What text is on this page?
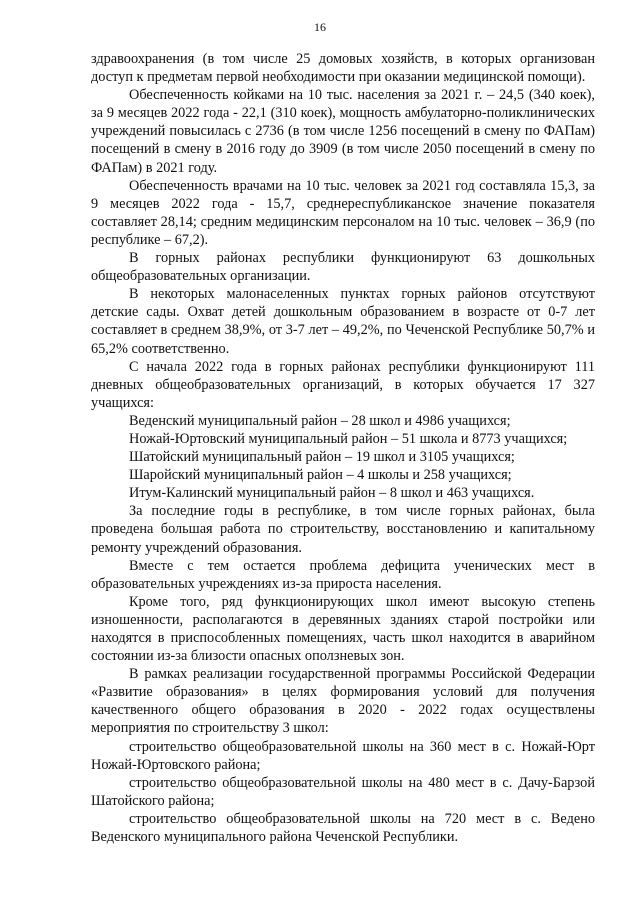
16

здравоохранения (в том числе 25 домовых хозяйств, в которых организован доступ к предметам первой необходимости при оказании медицинской помощи).

Обеспеченность койками на 10 тыс. населения за 2021 г. – 24,5 (340 коек), за 9 месяцев 2022 года - 22,1 (310 коек), мощность амбулаторно-поликлинических учреждений повысилась с 2736 (в том числе 1256 посещений в смену по ФАПам) посещений в смену в 2016 году до 3909 (в том числе 2050 посещений в смену по ФАПам) в 2021 году.

Обеспеченность врачами на 10 тыс. человек за 2021 год составляла 15,3, за 9 месяцев 2022 года - 15,7, среднереспубликанское значение показателя составляет 28,14; средним медицинским персоналом на 10 тыс. человек – 36,9 (по республике – 67,2).

В горных районах республики функционируют 63 дошкольных общеобразовательных организации.

В некоторых малонаселенных пунктах горных районов отсутствуют детские сады. Охват детей дошкольным образованием в возрасте от 0-7 лет составляет в среднем 38,9%, от 3-7 лет – 49,2%, по Чеченской Республике 50,7% и 65,2% соответственно.

С начала 2022 года в горных районах республики функционируют 111 дневных общеобразовательных организаций, в которых обучается 17 327 учащихся:

Веденский муниципальный район – 28 школ и 4986 учащихся;

Ножай-Юртовский муниципальный район – 51 школа и 8773 учащихся;

Шатойский муниципальный район – 19 школ и 3105 учащихся;

Шаройский муниципальный район – 4 школы и 258 учащихся;

Итум-Калинский муниципальный район – 8 школ и 463 учащихся.

За последние годы в республике, в том числе горных районах, была проведена большая работа по строительству, восстановлению и капитальному ремонту учреждений образования.

Вместе с тем остается проблема дефицита ученических мест в образовательных учреждениях из-за прироста населения.

Кроме того, ряд функционирующих школ имеют высокую степень изношенности, располагаются в деревянных зданиях старой постройки или находятся в приспособленных помещениях, часть школ находится в аварийном состоянии из-за близости опасных оползневых зон.

В рамках реализации государственной программы Российской Федерации «Развитие образования» в целях формирования условий для получения качественного общего образования в 2020 - 2022 годах осуществлены мероприятия по строительству 3 школ:

строительство общеобразовательной школы на 360 мест в с. Ножай-Юрт Ножай-Юртовского района;

строительство общеобразовательной школы на 480 мест в с. Дачу-Барзой Шатойского района;

строительство общеобразовательной школы на 720 мест в с. Ведено Веденского муниципального района Чеченской Республики.
